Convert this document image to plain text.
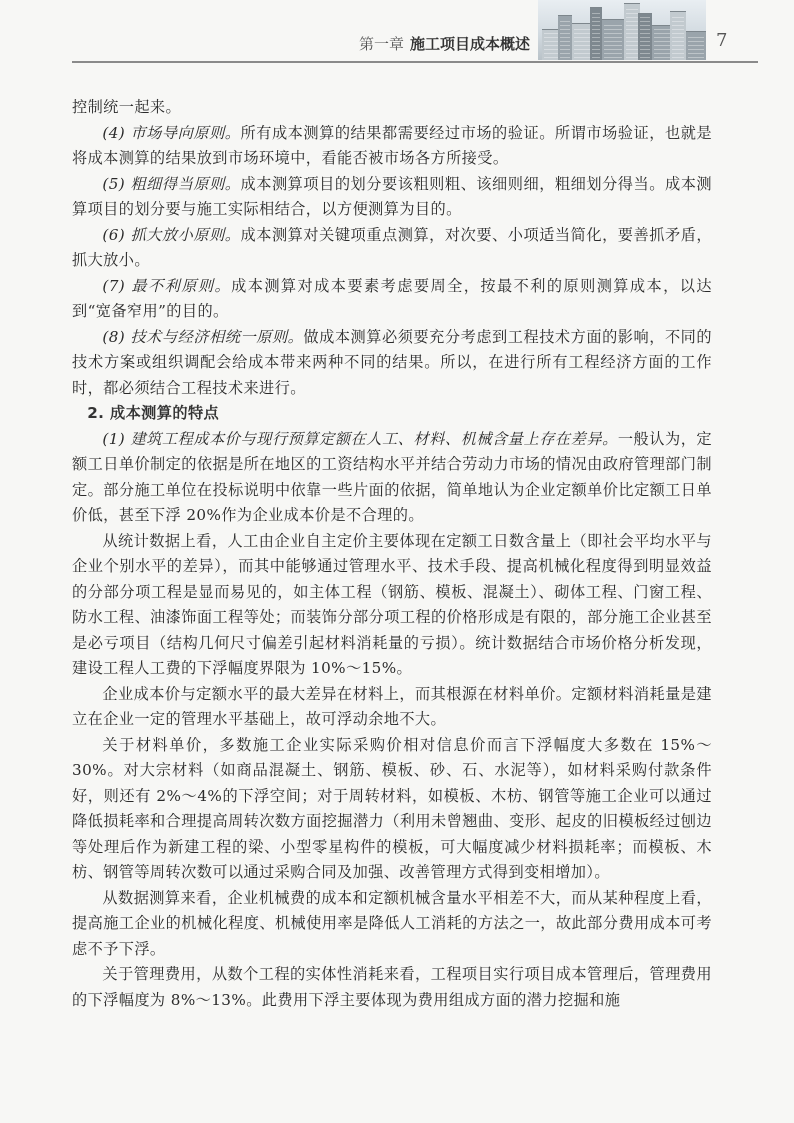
第一章 施工项目成本概述	7

控制统一起来。

(4) 市场导向原则。所有成本测算的结果都需要经过市场的验证。所谓市场验证，也就是将成本测算的结果放到市场环境中，看能否被市场各方所接受。

(5) 粗细得当原则。成本测算项目的划分要该粗则粗、该细则细，粗细划分得当。成本测算项目的划分要与施工实际相结合，以方便测算为目的。

(6) 抓大放小原则。成本测算对关键项重点测算，对次要、小项适当简化，要善抓矛盾，抓大放小。

(7) 最不利原则。成本测算对成本要素考虑要周全，按最不利的原则测算成本，以达到“宽备窄用”的目的。

(8) 技术与经济相统一原则。做成本测算必须要充分考虑到工程技术方面的影响，不同的技术方案或组织调配会给成本带来两种不同的结果。所以，在进行所有工程经济方面的工作时，都必须结合工程技术来进行。

2. 成本测算的特点

(1) 建筑工程成本价与现行预算定额在人工、材料、机械含量上存在差异。一般认为，定额工日单价制定的依据是所在地区的工资结构水平并结合劳动力市场的情况由政府管理部门制定。部分施工单位在投标说明中依靠一些片面的依据，简单地认为企业定额单价比定额工日单价低，甚至下浮 20%作为企业成本价是不合理的。

从统计数据上看，人工由企业自主定价主要体现在定额工日数含量上（即社会平均水平与企业个别水平的差异），而其中能够通过管理水平、技术手段、提高机械化程度得到明显效益的分部分项工程是显而易见的，如主体工程（钢筋、模板、混凝土）、砌体工程、门窗工程、防水工程、油漆饰面工程等处；而装饰分部分项工程的价格形成是有限的，部分施工企业甚至是必亏项目（结构几何尺寸偏差引起材料消耗量的亏损）。统计数据结合市场价格分析发现，建设工程人工费的下浮幅度界限为 10%～15%。

企业成本价与定额水平的最大差异在材料上，而其根源在材料单价。定额材料消耗量是建立在企业一定的管理水平基础上，故可浮动余地不大。

关于材料单价，多数施工企业实际采购价相对信息价而言下浮幅度大多数在 15%～30%。对大宗材料（如商品混凝土、钢筋、模板、砂、石、水泥等），如材料采购付款条件好，则还有 2%～4%的下浮空间；对于周转材料，如模板、木枋、钢管等施工企业可以通过降低损耗率和合理提高周转次数方面挖掘潜力（利用未曾翘曲、变形、起皮的旧模板经过刨边等处理后作为新建工程的梁、小型零星构件的模板，可大幅度减少材料损耗率；而模板、木枋、钢管等周转次数可以通过采购合同及加强、改善管理方式得到变相增加）。

从数据测算来看，企业机械费的成本和定额机械含量水平相差不大，而从某种程度上看，提高施工企业的机械化程度、机械使用率是降低人工消耗的方法之一，故此部分费用成本可考虑不予下浮。

关于管理费用，从数个工程的实体性消耗来看，工程项目实行项目成本管理后，管理费用的下浮幅度为 8%～13%。此费用下浮主要体现为费用组成方面的潜力挖掘和施
